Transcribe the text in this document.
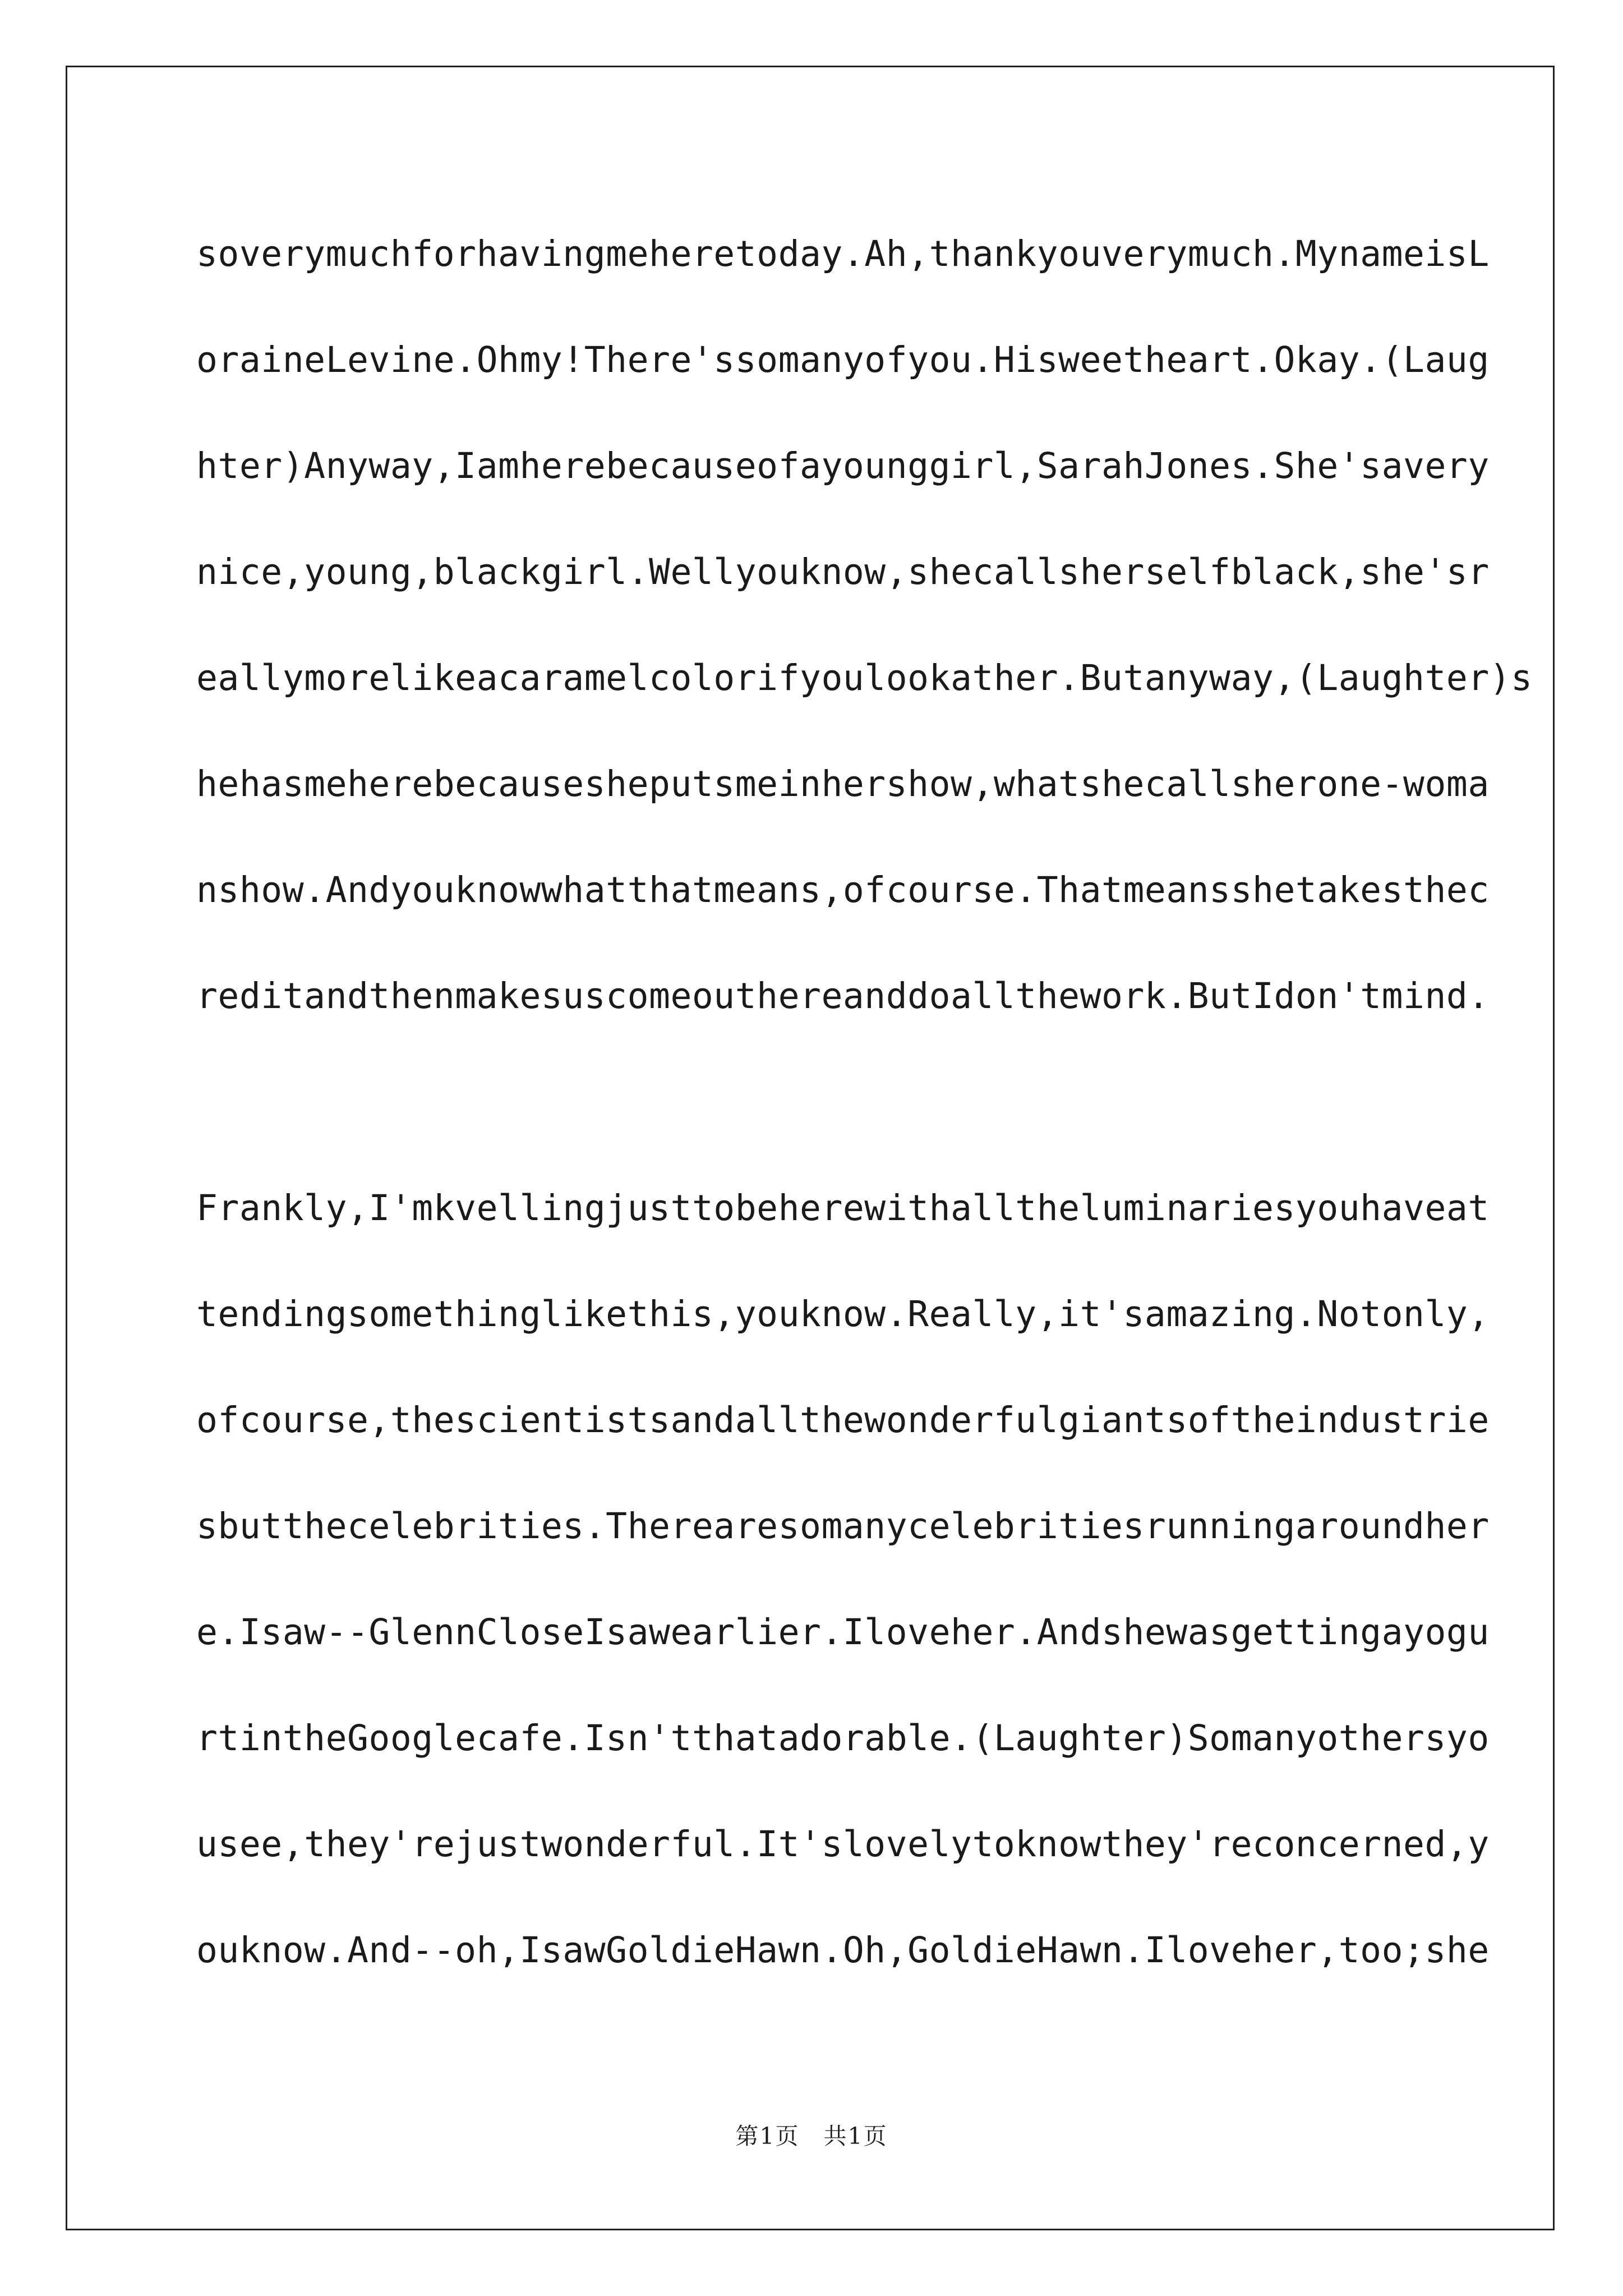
soverymuchforhavingmeheretoday.Ah,thankyouverymuch.MynameisL
oraineLevine.Ohmy!There'ssomanyofyou.Hisweetheart.Okay.(Laug
hter)Anyway,Iamherebecauseofayounggirl,SarahJones.She'savery
nice,young,blackgirl.Wellyouknow,shecallsherselfblack,she'sr
eallymorelikeacaramelcolorifyoulookather.Butanyway,(Laughter)s
hehasmeherebecausesheputsmeinhershow,whatshecallsherone-woma
nshow.Andyouknowwhatthatmeans,ofcourse.Thatmeansshetakesthec
reditandthenmakesuscomeouthereanddoallthework.ButIdon'tmind.
Frankly,I'mkvellingjusttobeherewithalltheluminariesyouhaveat
tendingsomethinglikethis,youknow.Really,it'samazing.Notonly,
ofcourse,thescientistsandallthewonderfulgiantsoftheindustrie
sbutthecelebrities.Therearesomanycelebritiesrunningaroundher
e.Isaw--GlennCloseIsawearlier.Iloveher.Andshewasgettingayogu
rtintheGooglecafe.Isn'tthatadorable.(Laughter)Somanyothersyo
usee,they'rejustwonderful.It'slovelytoknowthey'reconcerned,y
ouknow.And--oh,IsawGoldieHawn.Oh,GoldieHawn.Iloveher,too;she
第1页　共1页
